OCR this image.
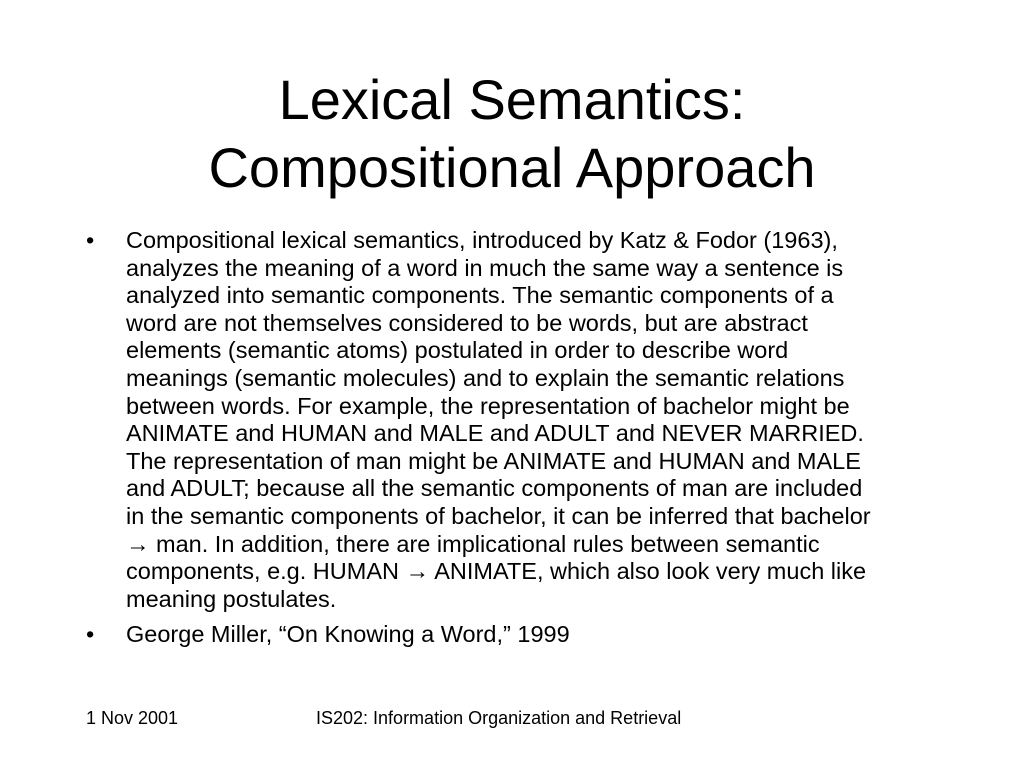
Lexical Semantics:
Compositional Approach
•	Compositional lexical semantics, introduced by Katz & Fodor (1963),
analyzes the meaning of a word in much the same way a sentence is
analyzed into semantic components. The semantic components of a
word are not themselves considered to be words, but are abstract
elements (semantic atoms) postulated in order to describe word
meanings (semantic molecules) and to explain the semantic relations
between words. For example, the representation of bachelor might be
ANIMATE and HUMAN and MALE and ADULT and NEVER MARRIED.
The representation of man might be ANIMATE and HUMAN and MALE
and ADULT; because all the semantic components of man are included
in the semantic components of bachelor, it can be inferred that bachelor
→ man. In addition, there are implicational rules between semantic
components, e.g. HUMAN → ANIMATE, which also look very much like
meaning postulates.
•	George Miller, “On Knowing a Word,” 1999
1 Nov 2001	IS202: Information Organization and Retrieval
